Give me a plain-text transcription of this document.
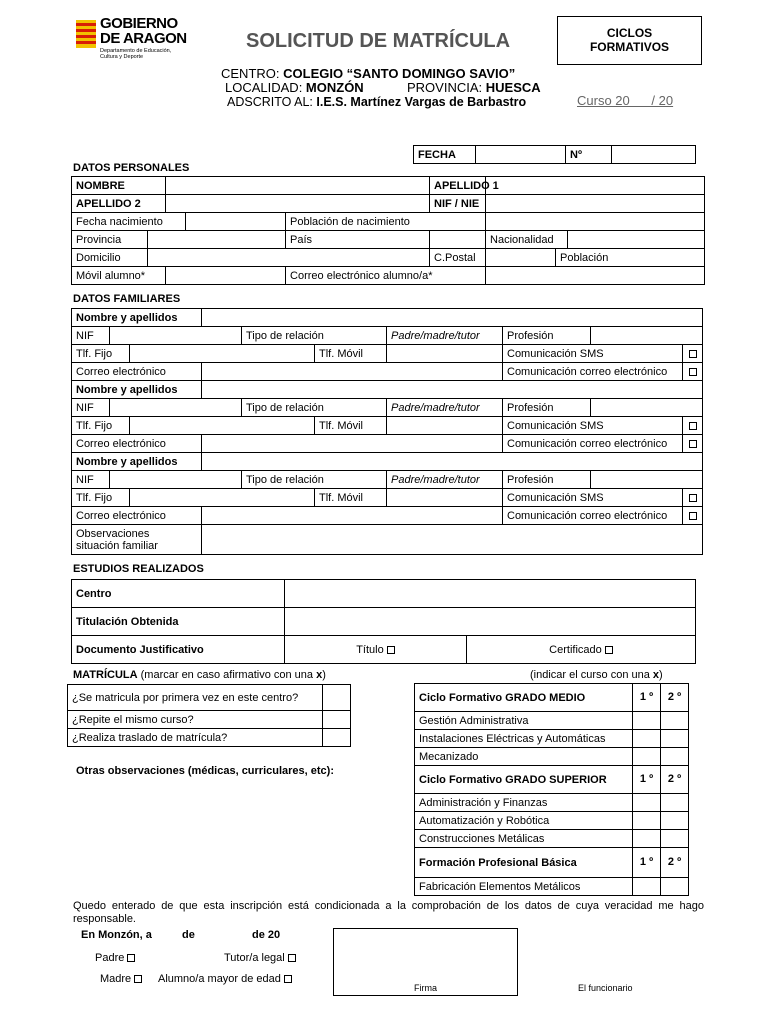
GOBIERNO
DE ARAGON
Departamento de Educación,
Cultura y Deporte
SOLICITUD DE MATRÍCULA	CICLOS
FORMATIVOS
CENTRO: COLEGIO “SANTO DOMINGO SAVIO”
LOCALIDAD: MONZÓN	PROVINCIA: HUESCA
ADSCRITO AL: I.E.S. Martínez Vargas de Barbastro	Curso 20      / 20
FECHA		Nº	
DATOS PERSONALES
NOMBRE					APELLIDO 1			
APELLIDO 2					NIF / NIE			
Fecha nacimiento				Población de nacimiento				
Provincia				País		Nacionalidad		
Domicilio					C.Postal		Población	
Móvil alumno*				Correo electrónico alumno/a*				
DATOS FAMILIARES
Nombre y apellidos									
NIF				Tipo de relación		Padre/madre/tutor	Profesión		
Tlf. Fijo					Tlf. Móvil		Comunicación SMS		
Correo electrónico							Comunicación correo electrónico		
Nombre y apellidos									
NIF				Tipo de relación		Padre/madre/tutor	Profesión		
Tlf. Fijo					Tlf. Móvil		Comunicación SMS		
Correo electrónico							Comunicación correo electrónico		
Nombre y apellidos									
NIF				Tipo de relación		Padre/madre/tutor	Profesión		
Tlf. Fijo					Tlf. Móvil		Comunicación SMS		
Correo electrónico							Comunicación correo electrónico		

Observaciones
situación familiar									

ESTUDIOS REALIZADOS
Centro		
Titulación Obtenida		
Documento Justificativo	Título	Certificado
MATRÍCULA (marcar en caso afirmativo con una x)	(indicar el curso con una x)
¿Se matricula por primera vez en este centro?	
¿Repite el mismo curso?	
¿Realiza traslado de matrícula?	
Otras observaciones (médicas, curriculares, etc):
Ciclo Formativo GRADO MEDIO	1 º	2 º
Gestión Administrativa		
Instalaciones Eléctricas y Automáticas		
Mecanizado		
Ciclo Formativo GRADO SUPERIOR	1 º	2 º
Administración y Finanzas		
Automatización y Robótica		
Construcciones Metálicas		
Formación Profesional Básica	1 º	2 º
Fabricación Elementos Metálicos		
Quedo enterado de que esta inscripción está condicionada a la comprobación de los datos de cuya veracidad me hago responsable.
En Monzón, a	de	de 20
Padre	Tutor/a legal
Madre	Alumno/a mayor de edad
Firma	El funcionario
